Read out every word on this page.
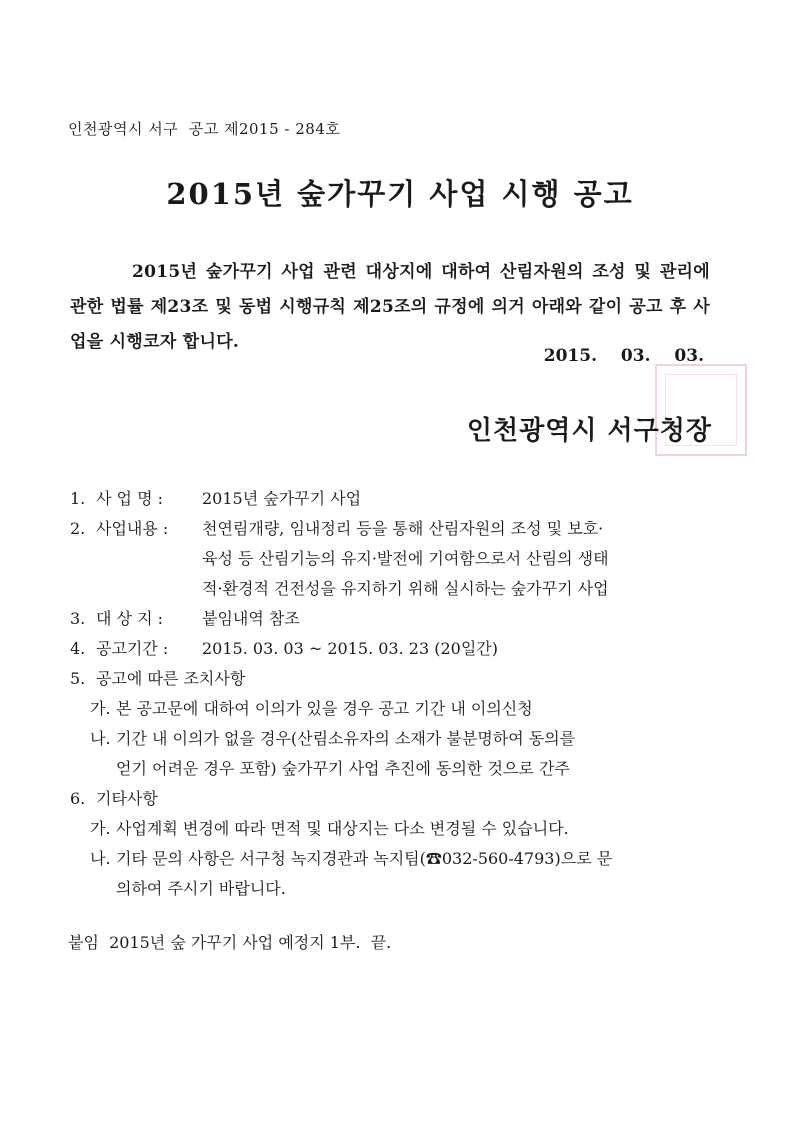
인천광역시 서구  공고 제2015 - 284호
2015년 숲가꾸기 사업 시행 공고
2015년 숲가꾸기 사업 관련 대상지에 대하여 산림자원의 조성 및 관리에 관한 법률 제23조 및 동법 시행규칙 제25조의 규정에 의거 아래와 같이 공고 후 사업을 시행코자 합니다.
2015. 03. 03.
인천광역시 서구청장
1. 사 업 명 :	2015년 숲가꾸기 사업
2. 사업내용 :	천연림개량, 임내정리 등을 통해 산림자원의 조성 및 보호·
육성 등 산림기능의 유지·발전에 기여함으로서 산림의 생태
적·환경적 건전성을 유지하기 위해 실시하는 숲가꾸기 사업
3. 대 상 지 :	붙임내역 참조
4. 공고기간 :	2015. 03. 03 ~ 2015. 03. 23 (20일간)
5. 공고에 따른 조치사항
가. 본 공고문에 대하여 이의가 있을 경우 공고 기간 내 이의신청
나. 기간 내 이의가 없을 경우(산림소유자의 소재가 불분명하여 동의를
얻기 어려운 경우 포함) 숲가꾸기 사업 추진에 동의한 것으로 간주
6. 기타사항
가. 사업계획 변경에 따라 면적 및 대상지는 다소 변경될 수 있습니다.
나. 기타 문의 사항은 서구청 녹지경관과 녹지팀(☎032-560-4793)으로 문
의하여 주시기 바랍니다.
붙임  2015년 숲 가꾸기 사업 예정지 1부.  끝.
